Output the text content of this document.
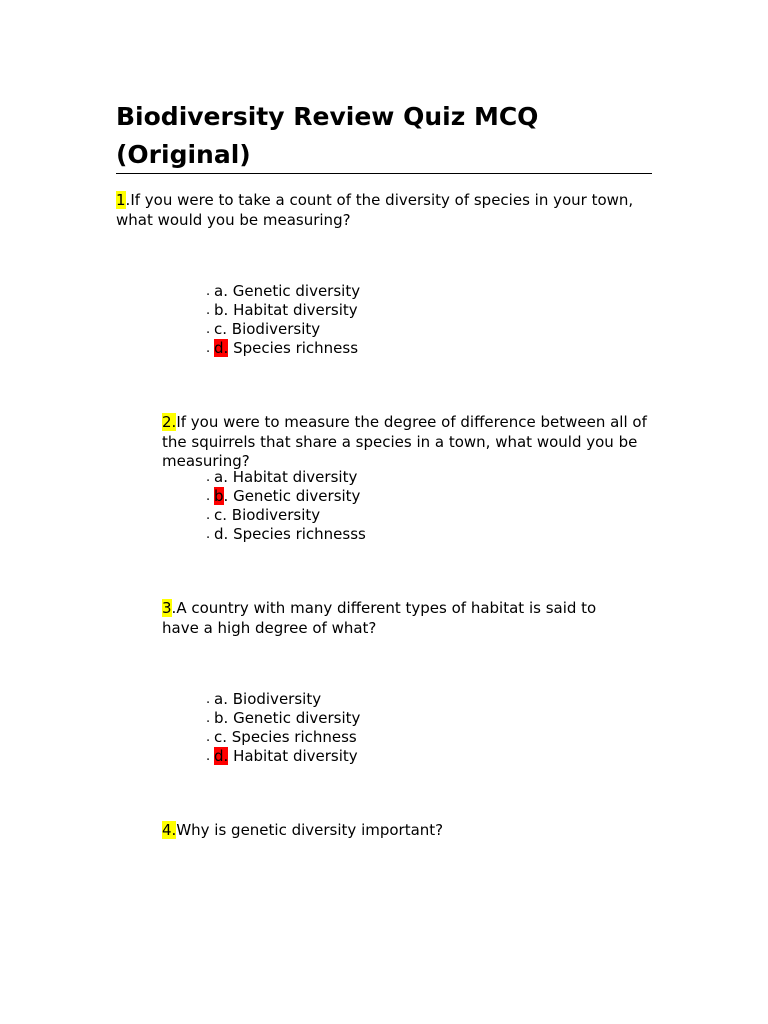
Biodiversity Review Quiz MCQ (Original)

1.If you were to take a count of the diversity of species in your town, what would you be measuring?

. a. Genetic diversity
. b. Habitat diversity
. c. Biodiversity
. d. Species richness

2.If you were to measure the degree of difference between all of the squirrels that share a species in a town, what would you be measuring?

. a. Habitat diversity
. b. Genetic diversity
. c. Biodiversity
. d. Species richnesss

3.A country with many different types of habitat is said to have a high degree of what?

. a. Biodiversity
. b. Genetic diversity
. c. Species richness
. d. Habitat diversity

4.Why is genetic diversity important?
